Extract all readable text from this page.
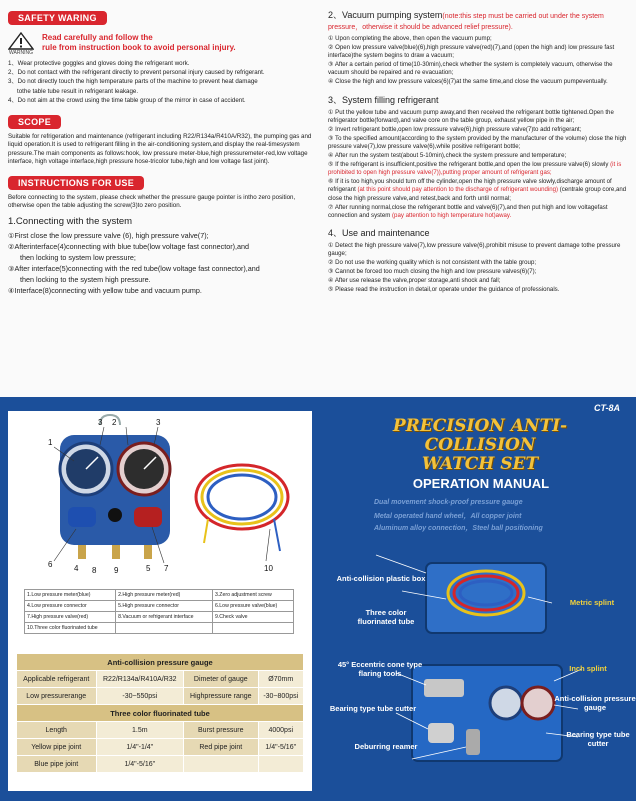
SAFETY WARING
WARNING
Read carefully and follow the
rule from instruction book to avoid personal injury.
1、Wear protective goggles and gloves doing the refrigerant work.
2、Do not contact with the refrigerant directly to prevent personal injury caused by refrigerant.
3、Do not directly touch the high temperature parts of the machine to prevent heat damage
tothe table tube result in refrigerant leakage.
4、Do not aim at the crowd using the time table group of the mirror in case of accident.
SCOPE

Suitable for refrigeration and maintenance (refrigerant including R22/R134a/R410A/R32), the pumping gas and liquid operation.It is used to refrigerant filling in the air-conditioning system,and display the real-timesystem pressure.The main components as follows:hook, low pressure meter-blue,high pressuremeter-red,low voltage interface, high voltage interface,high pressure hose-tricolor tube,high and low voltage fast joint).

INSTRUCTIONS FOR USE

Before connecting to the system, please check whether the pressure gauge pointer is intho zero position, otherwise open the table adjusting the screw(3)to zero position.

1.Connecting with the system
①First close the low pressure valve (6), high pressure valve(7);
②Afterinterface(4)connecting with blue tube(low voltage fast connector),and
then locking to system low pressure;
③After interface(5)connecting with the red tube(low voltage fast connector),and
then locking to the system high pressure.
④Interface(8)connecting with yellow tube and vacuum pump.
2、Vacuum pumping system(note:this step must be carried out under the system pressure，otherwise it should be advanced relief pressure).
① Upon completing the above, then open the vacuum pump;
② Open low pressure valve(blue)(6),high pressure valve(red)(7),and (open the high and) low pressure fast interface)the system begins to draw a vacuum;
③ After a certain period of time(10-30min),check whether the system is completely vacuum, otherwise the vacuum should be repaired and re evacuation;
④ Close the high and low pressure valces(6)(7)at the same time,and close the vacuum pumpeventually.
3、System filling refrigerant
① Put the yellow tube and vacuum pump away,and then received the refrigerant bottle tightened.Open the refrigerator bottle(forward),and valve core on the table group, exhaust yellow pipe in the air;
② Invert refrigerant bottle,open low pressure valve(6),high pressure valve(7)to add refrigerant;
③ To the specified amount(according to the system provided by the manufacturer of the volume) close the high pressure valve(7),low pressure valve(6),while positive refrigerant bottle;
④ After run the system test(about 5-10min),check the system pressure and temperature;
⑤ If the refrigerant is insufficient,positive the refrigerant bottle,and open the low pressure valve(6) slowly (it is prohibited to open high pressure valve(7)),putting proper amount of refrigerant gas;
⑥ If it is too high,you should turn off the cylinder,open the high pressure valve slowly,discharge amount of refrigerant (at this point should pay attention to the discharge of refrigerant wounding) (centrale group core,and close the high pressure valve,and retest,back and forth until normal;
⑦ After running normal,close the refrigerant bottle and valve(6)(7),and then put high and low voltagefast connection and system (pay attention to high temperature hot)away.
4、Use and maintenance
① Detect the high pressure valve(7),low pressure valve(6),prohibit misuse to prevent damage tothe pressure gauge;
② Do not use the working quality which is not consistent with the table group;
③ Cannot be forced too much closing the high and low pressure valves(6)(7);
④ After use release the valve,proper storage,anti shock and fall;
⑤ Please read the instruction in detail,or operate under the guidance of professionals.
1
2
3	3
4	5
6	7
8 9	10
1.Low pressure meter(blue)	2.High pressure meter(red)	3.Zero adjustment screw
4.Low pressure connector	5.High pressure connector	6.Low pressure valve(blue)
7.High pressure valve(red)	8.Vacuum or refrigerant interface	9.Check valve
10.Three color fluorinated tube		
Anti-collision pressure gauge			
Applicable refrigerant	R22/R134a/R410A/R32	Dimeter of gauge	Ø70mm
Low pressurerange	-30~550psi	Highpressure range	-30~800psi
Three color fluorinated tube			
Length	1.5m	Burst pressure	4000psi
Yellow pipe joint	1/4"-1/4"	Red pipe joint	1/4"-5/16"
Blue pipe joint	1/4"-5/16"		
CT-8A
PRECISION ANTI-COLLISION
WATCH SET
OPERATION MANUAL
Dual movement shock-proof pressure gauge
Metal operated hand wheel，All copper joint
Aluminum alloy connection，Steel ball positioning
Anti-collision plastic box
Three color fluorinated tube
Metric splint
45° Eccentric cone type flaring tools	Inch splint
Bearing type tube cutter
Anti-collision pressure gauge
Bearing type tube cutter
Deburring reamer
